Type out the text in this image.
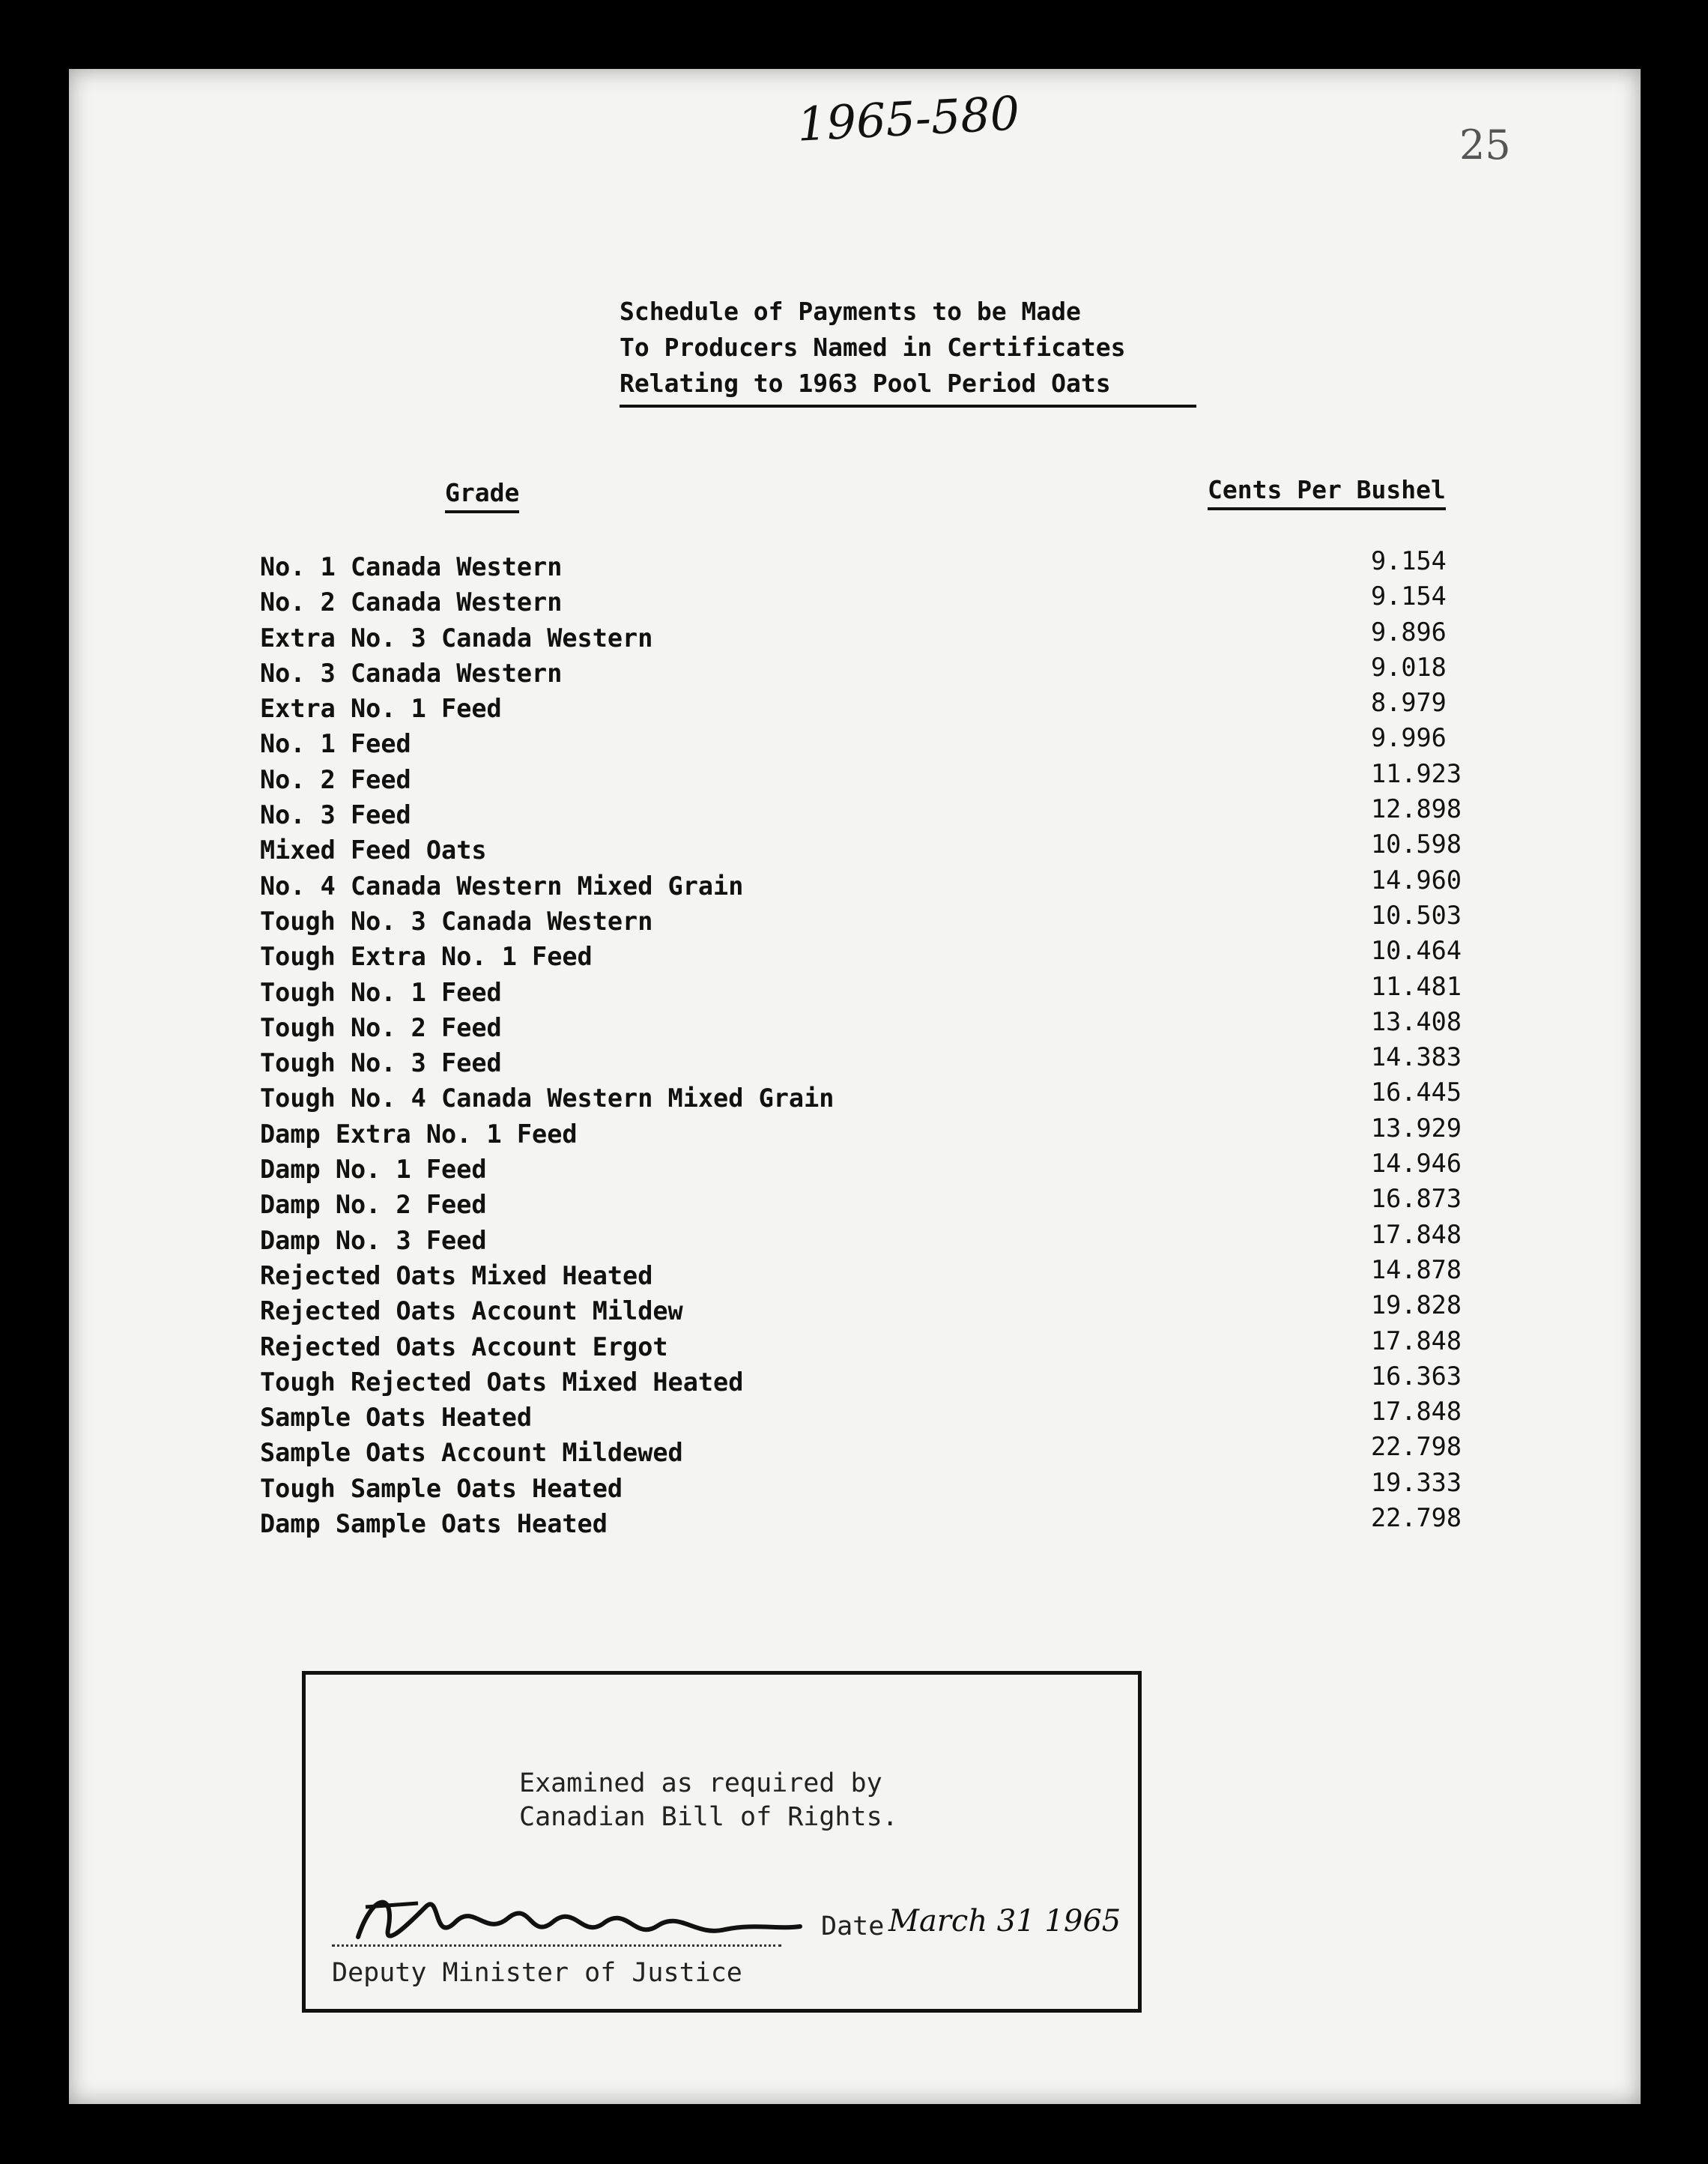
1965-580	25
Schedule of Payments to be Made
To Producers Named in Certificates
Relating to 1963 Pool Period Oats
Grade	Cents Per Bushel
No. 1 Canada Western	9.154
No. 2 Canada Western	9.154
Extra No. 3 Canada Western	9.896
No. 3 Canada Western	9.018
Extra No. 1 Feed	8.979
No. 1 Feed	9.996
No. 2 Feed	11.923
No. 3 Feed	12.898
Mixed Feed Oats	10.598
No. 4 Canada Western Mixed Grain	14.960
Tough No. 3 Canada Western	10.503
Tough Extra No. 1 Feed	10.464
Tough No. 1 Feed	11.481
Tough No. 2 Feed	13.408
Tough No. 3 Feed	14.383
Tough No. 4 Canada Western Mixed Grain	16.445
Damp Extra No. 1 Feed	13.929
Damp No. 1 Feed	14.946
Damp No. 2 Feed	16.873
Damp No. 3 Feed	17.848
Rejected Oats Mixed Heated	14.878
Rejected Oats Account Mildew	19.828
Rejected Oats Account Ergot	17.848
Tough Rejected Oats Mixed Heated	16.363
Sample Oats Heated	17.848
Sample Oats Account Mildewed	22.798
Tough Sample Oats Heated	19.333
Damp Sample Oats Heated	22.798
Examined as required by
Canadian Bill of Rights.
Date March 31 1965
Deputy Minister of Justice
